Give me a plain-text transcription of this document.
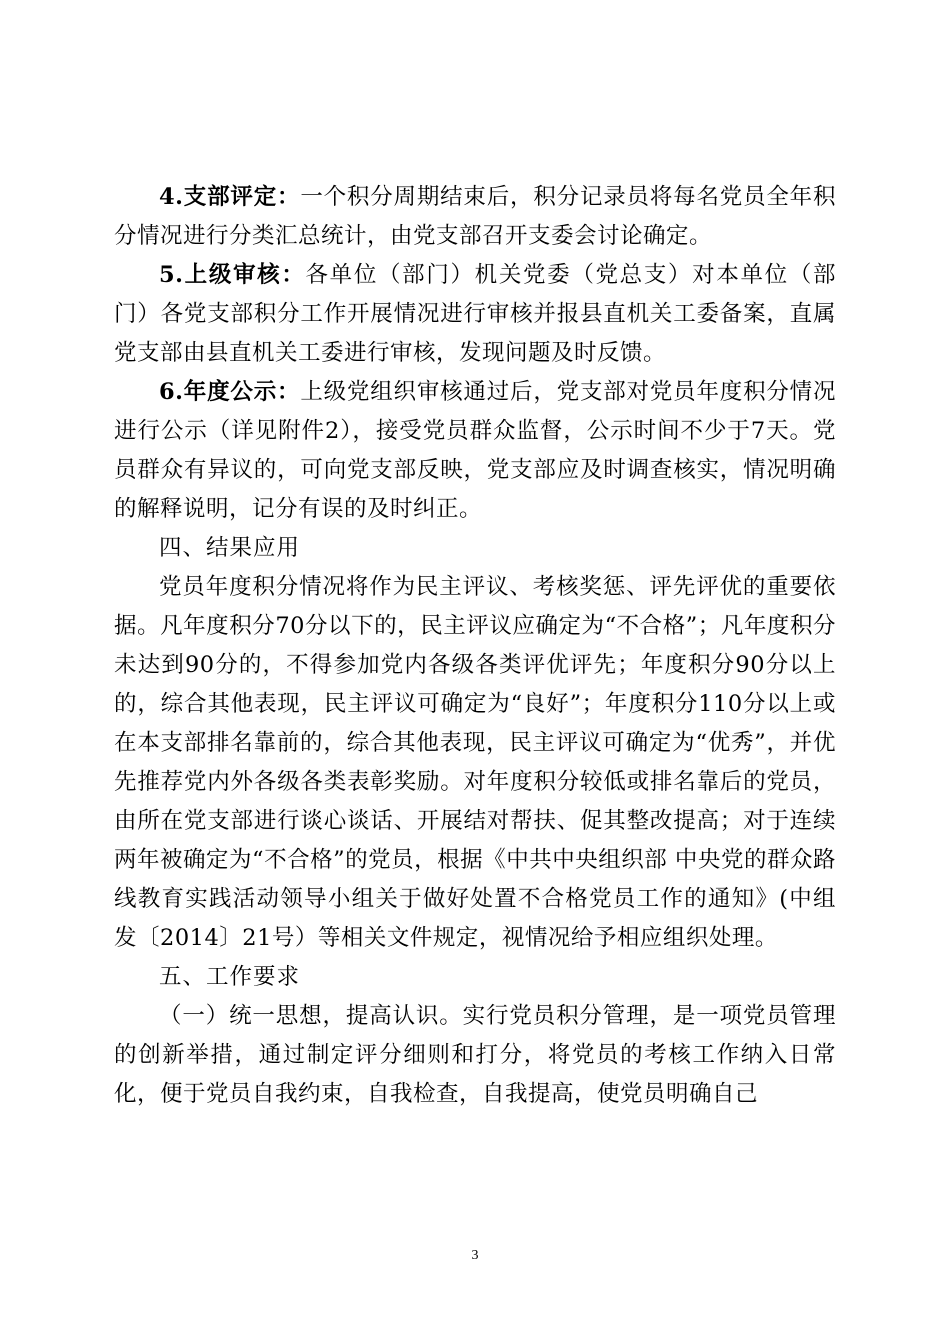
4.支部评定：一个积分周期结束后，积分记录员将每名党员全年积分情况进行分类汇总统计，由党支部召开支委会讨论确定。

5.上级审核：各单位（部门）机关党委（党总支）对本单位（部门）各党支部积分工作开展情况进行审核并报县直机关工委备案，直属党支部由县直机关工委进行审核，发现问题及时反馈。

6.年度公示：上级党组织审核通过后，党支部对党员年度积分情况进行公示（详见附件2），接受党员群众监督，公示时间不少于7天。党员群众有异议的，可向党支部反映，党支部应及时调查核实，情况明确的解释说明，记分有误的及时纠正。

四、结果应用

党员年度积分情况将作为民主评议、考核奖惩、评先评优的重要依据。凡年度积分70分以下的，民主评议应确定为“不合格”；凡年度积分未达到90分的，不得参加党内各级各类评优评先；年度积分90分以上的，综合其他表现，民主评议可确定为“良好”；年度积分110分以上或在本支部排名靠前的，综合其他表现，民主评议可确定为“优秀”，并优先推荐党内外各级各类表彰奖励。对年度积分较低或排名靠后的党员，由所在党支部进行谈心谈话、开展结对帮扶、促其整改提高；对于连续两年被确定为“不合格”的党员，根据《中共中央组织部 中央党的群众路线教育实践活动领导小组关于做好处置不合格党员工作的通知》(中组发〔2014〕21号）等相关文件规定，视情况给予相应组织处理。

五、工作要求

（一）统一思想，提高认识。实行党员积分管理，是一项党员管理的创新举措，通过制定评分细则和打分，将党员的考核工作纳入日常化，便于党员自我约束，自我检查，自我提高，使党员明确自己

3
